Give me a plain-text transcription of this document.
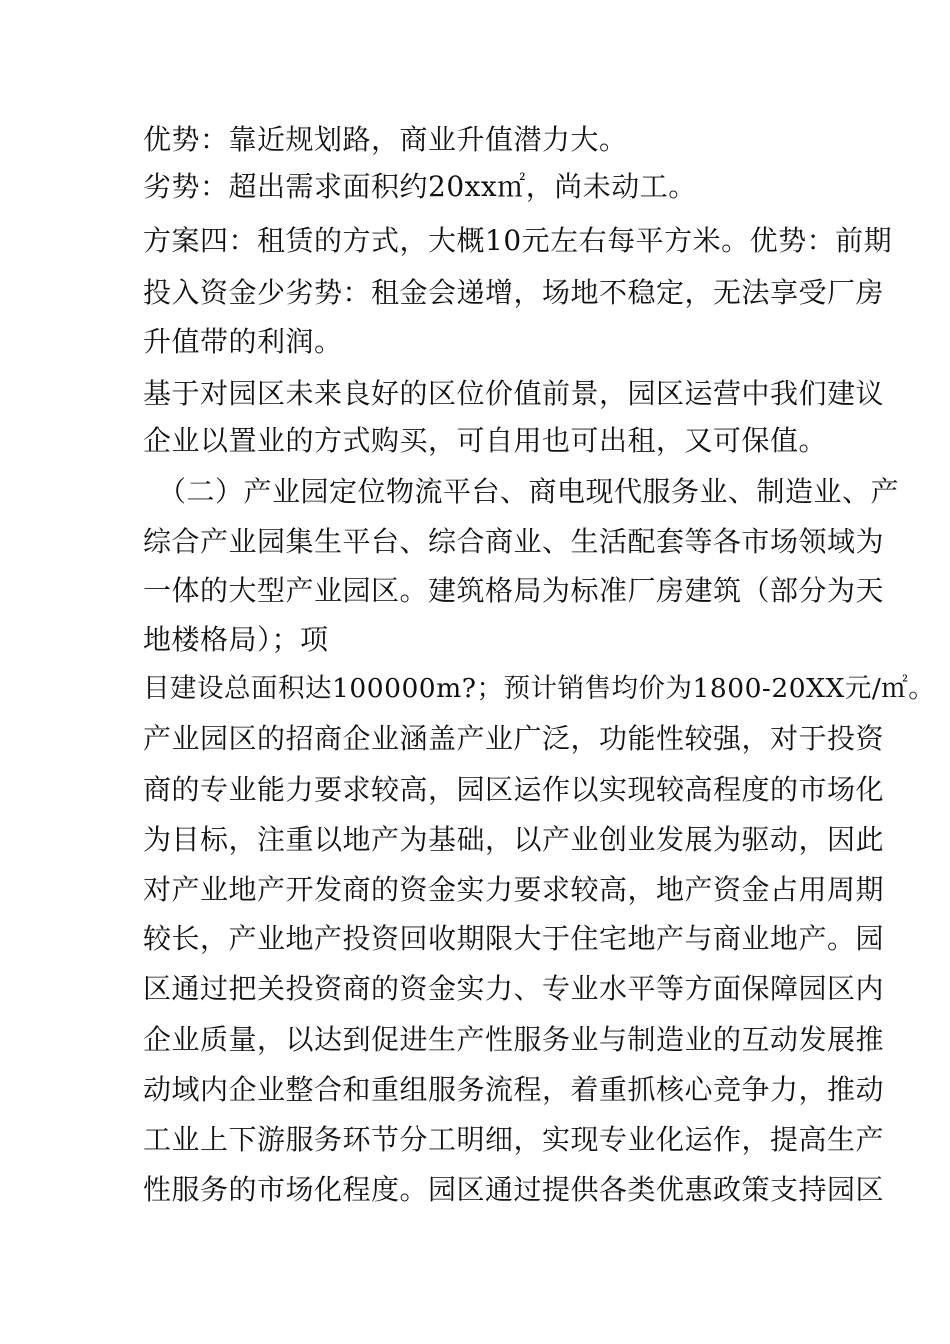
优势：靠近规划路，商业升值潜力大。
劣势：超出需求面积约20xx㎡，尚未动工。
方案四：租赁的方式，大概10元左右每平方米。优势：前期
投入资金少劣势：租金会递增，场地不稳定，无法享受厂房
升值带的利润。
基于对园区未来良好的区位价值前景，园区运营中我们建议
企业以置业的方式购买，可自用也可出租，又可保值。
（二）产业园定位物流平台、商电现代服务业、制造业、产
综合产业园集生平台、综合商业、生活配套等各市场领域为
一体的大型产业园区。建筑格局为标准厂房建筑（部分为天
地楼格局）；项
目建设总面积达100000m?；预计销售均价为1800-20XX元/㎡。
产业园区的招商企业涵盖产业广泛，功能性较强，对于投资
商的专业能力要求较高，园区运作以实现较高程度的市场化
为目标，注重以地产为基础，以产业创业发展为驱动，因此
对产业地产开发商的资金实力要求较高，地产资金占用周期
较长，产业地产投资回收期限大于住宅地产与商业地产。园
区通过把关投资商的资金实力、专业水平等方面保障园区内
企业质量，以达到促进生产性服务业与制造业的互动发展推
动域内企业整合和重组服务流程，着重抓核心竞争力，推动
工业上下游服务环节分工明细，实现专业化运作，提高生产
性服务的市场化程度。园区通过提供各类优惠政策支持园区
